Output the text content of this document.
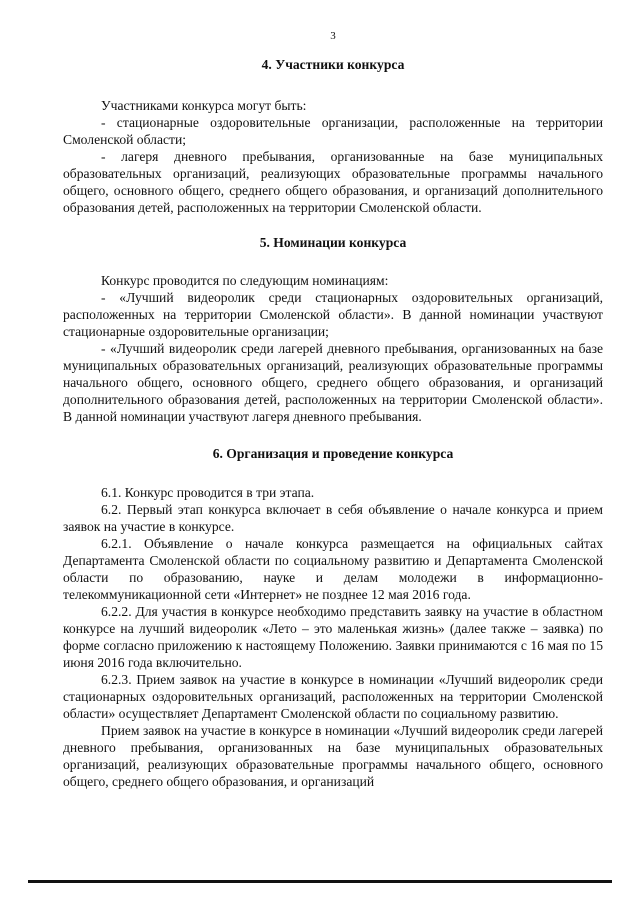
3
4. Участники конкурса

Участниками конкурса могут быть:

- стационарные оздоровительные организации, расположенные на территории Смоленской области;

- лагеря дневного пребывания, организованные на базе муниципальных образовательных организаций, реализующих образовательные программы начального общего, основного общего, среднего общего образования, и организаций дополнительного образования детей, расположенных на территории Смоленской области.

5. Номинации конкурса

Конкурс проводится по следующим номинациям:

- «Лучший видеоролик среди стационарных оздоровительных организаций, расположенных на территории Смоленской области». В данной номинации участвуют стационарные оздоровительные организации;

- «Лучший видеоролик среди лагерей дневного пребывания, организованных на базе муниципальных образовательных организаций, реализующих образовательные программы начального общего, основного общего, среднего общего образования, и организаций дополнительного образования детей, расположенных на территории Смоленской области». В данной номинации участвуют лагеря дневного пребывания.

6. Организация и проведение конкурса

6.1. Конкурс проводится в три этапа.

6.2. Первый этап конкурса включает в себя объявление о начале конкурса и прием заявок на участие в конкурсе.

6.2.1. Объявление о начале конкурса размещается на официальных сайтах Департамента Смоленской области по социальному развитию и Департамента Смоленской области по образованию, науке и делам молодежи в информационно-телекоммуникационной сети «Интернет» не позднее 12 мая 2016 года.

6.2.2. Для участия в конкурсе необходимо представить заявку на участие в областном конкурсе на лучший видеоролик «Лето – это маленькая жизнь» (далее также – заявка) по форме согласно приложению к настоящему Положению. Заявки принимаются с 16 мая по 15 июня 2016 года включительно.

6.2.3. Прием заявок на участие в конкурсе в номинации «Лучший видеоролик среди стационарных оздоровительных организаций, расположенных на территории Смоленской области» осуществляет Департамент Смоленской области по социальному развитию.

Прием заявок на участие в конкурсе в номинации «Лучший видеоролик среди лагерей дневного пребывания, организованных на базе муниципальных образовательных организаций, реализующих образовательные программы начального общего, основного общего, среднего общего образования, и организаций
